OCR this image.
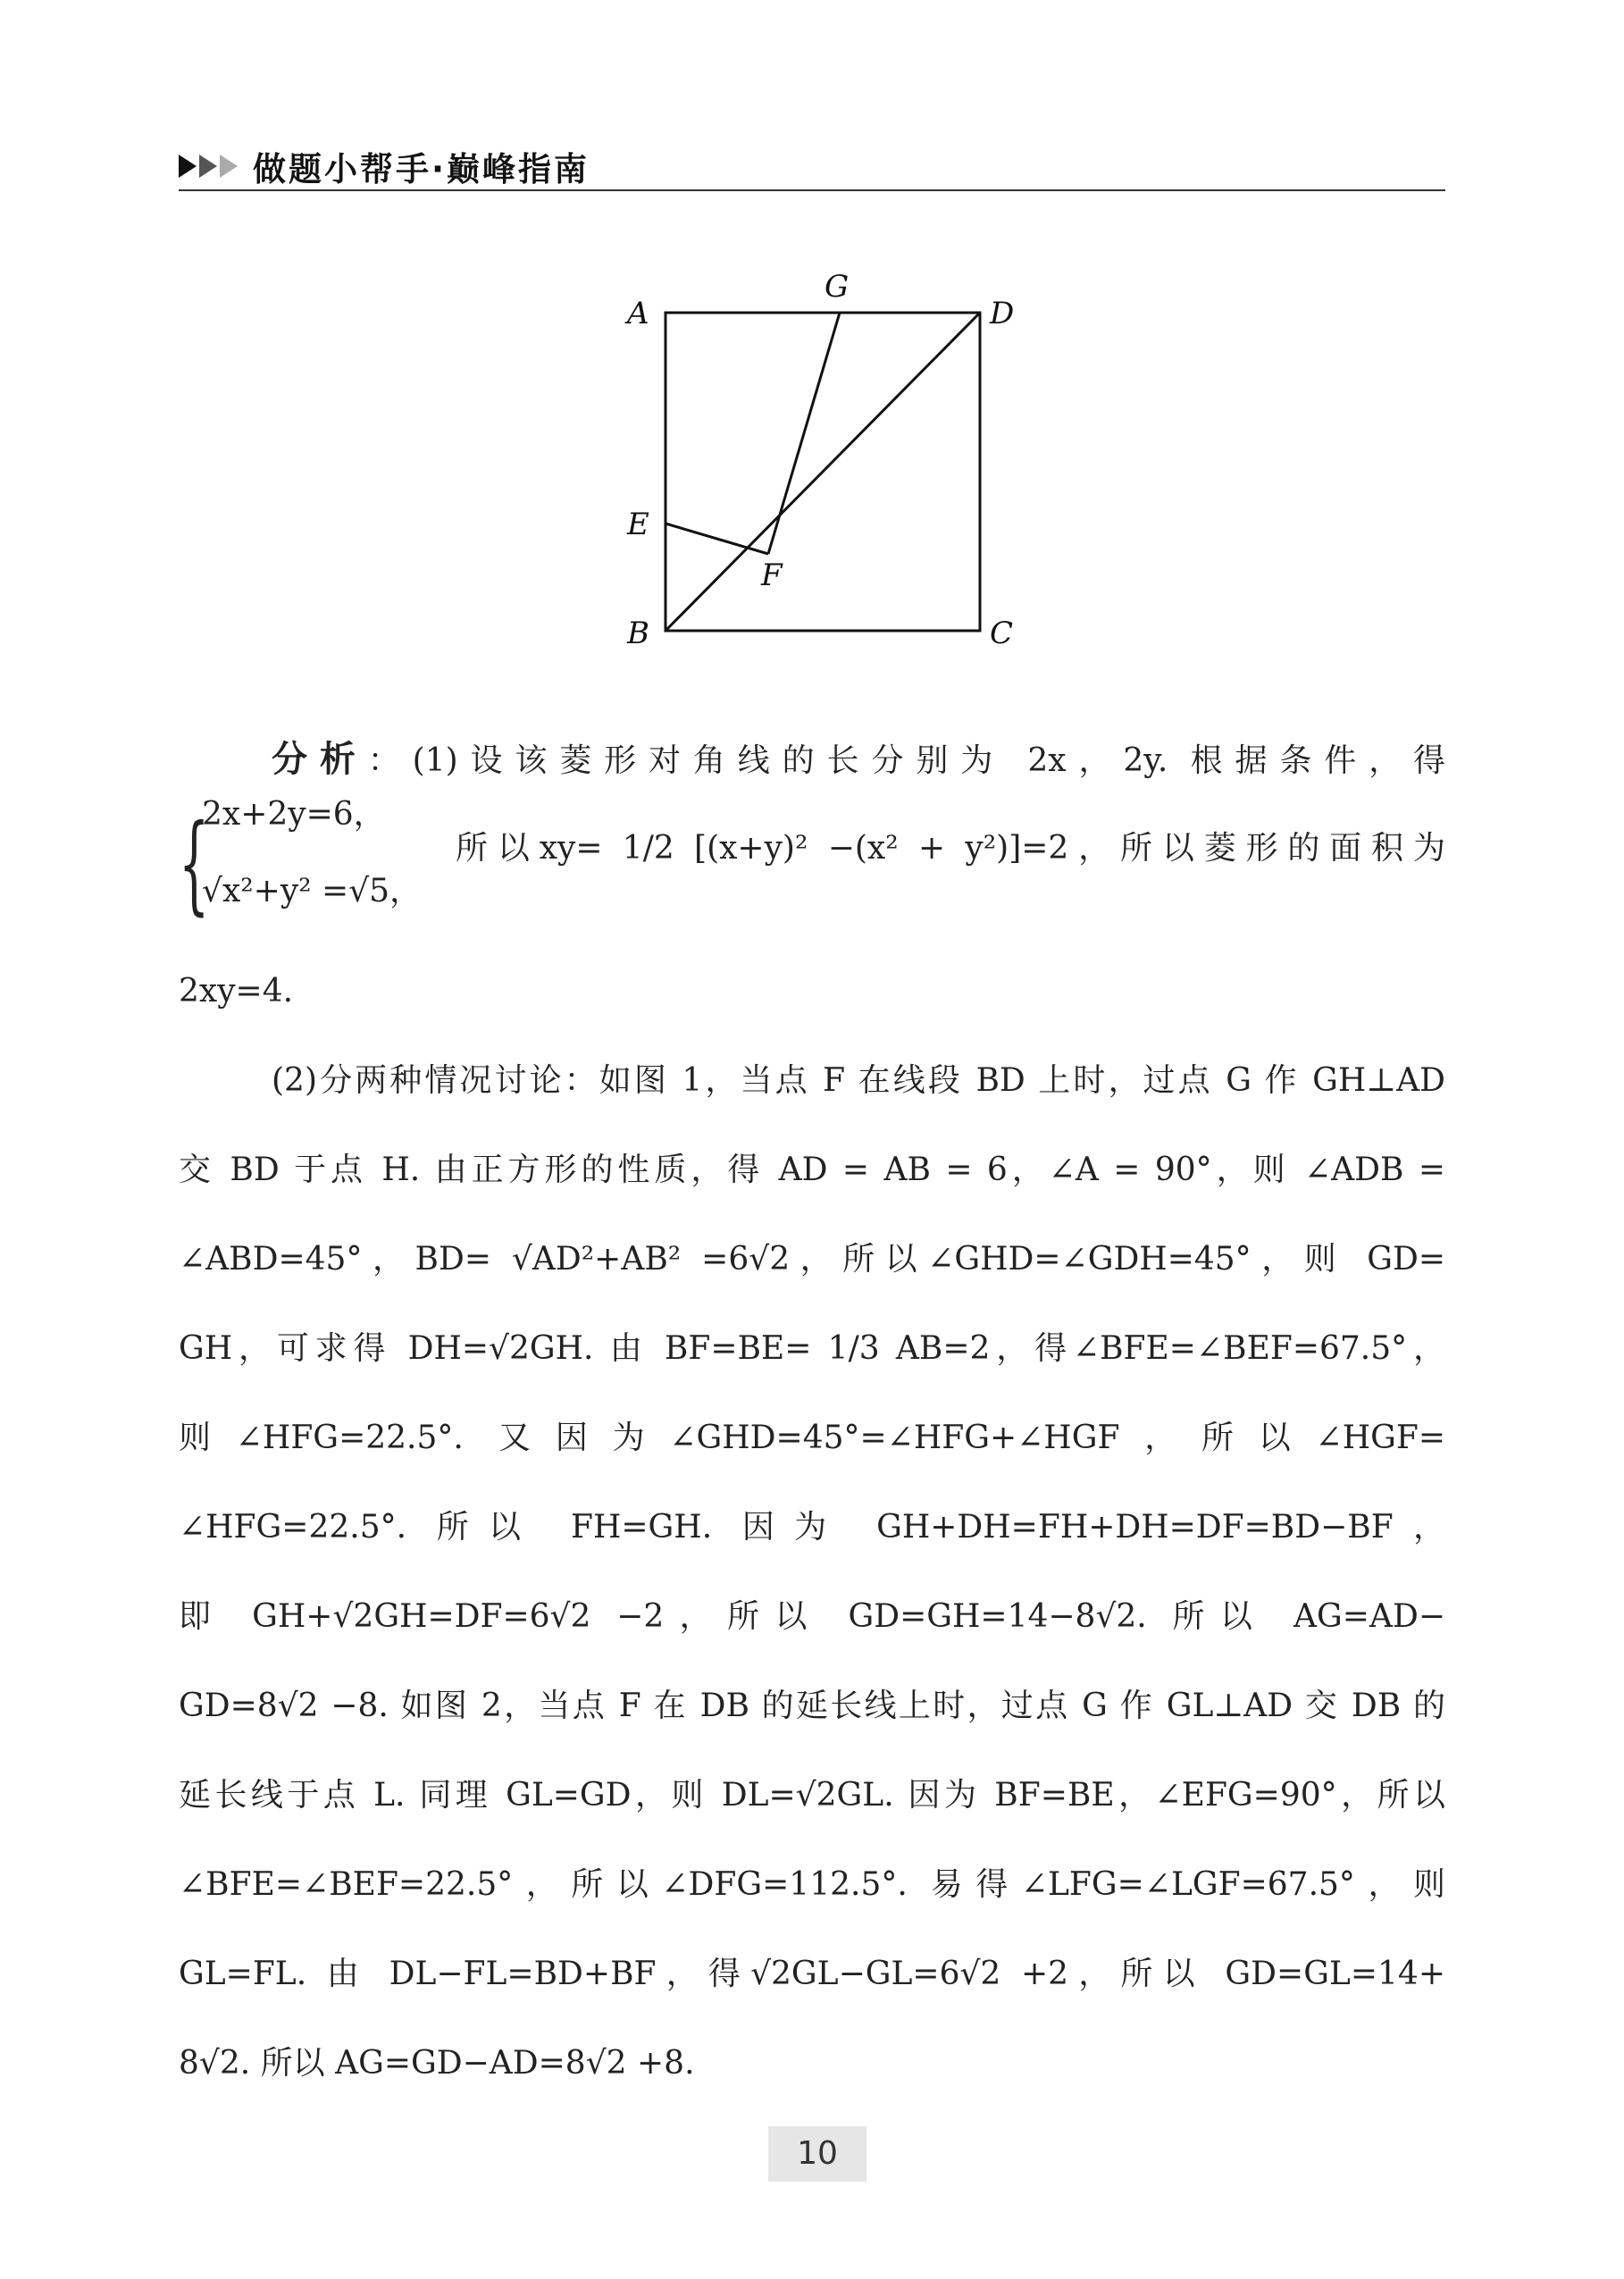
做题小帮手·巅峰指南
A
G
D
E
F
B	C
分析：(1)设该菱形对角线的长分别为 2x，2y. 根据条件，得
{
2x+2y=6，
√x²+y² =√5，
所以xy= 1/2 [(x+y)² −(x² + y²)]=2，所以菱形的面积为
2xy=4.
(2)分两种情况讨论：如图 1，当点 F 在线段 BD 上时，过点 G 作 GH⊥AD
交 BD 于点 H. 由正方形的性质，得 AD = AB = 6，∠A = 90°，则 ∠ADB =
∠ABD=45°，BD= √AD²+AB² =6√2，所以∠GHD=∠GDH=45°，则 GD=
GH，可求得 DH=√2GH. 由 BF=BE= 1/3 AB=2，得∠BFE=∠BEF=67.5°，
则∠HFG=22.5°. 又因为∠GHD=45°=∠HFG+∠HGF，所以∠HGF=
∠HFG=22.5°. 所以 FH=GH. 因为 GH+DH=FH+DH=DF=BD−BF，
即 GH+√2GH=DF=6√2 −2，所以 GD=GH=14−8√2. 所以 AG=AD−
GD=8√2 −8. 如图 2，当点 F 在 DB 的延长线上时，过点 G 作 GL⊥AD 交 DB 的
延长线于点 L. 同理 GL=GD，则 DL=√2GL. 因为 BF=BE，∠EFG=90°，所以
∠BFE=∠BEF=22.5°，所以∠DFG=112.5°. 易得∠LFG=∠LGF=67.5°，则
GL=FL. 由 DL−FL=BD+BF，得√2GL−GL=6√2 +2，所以 GD=GL=14+
8√2. 所以 AG=GD−AD=8√2 +8.
10
